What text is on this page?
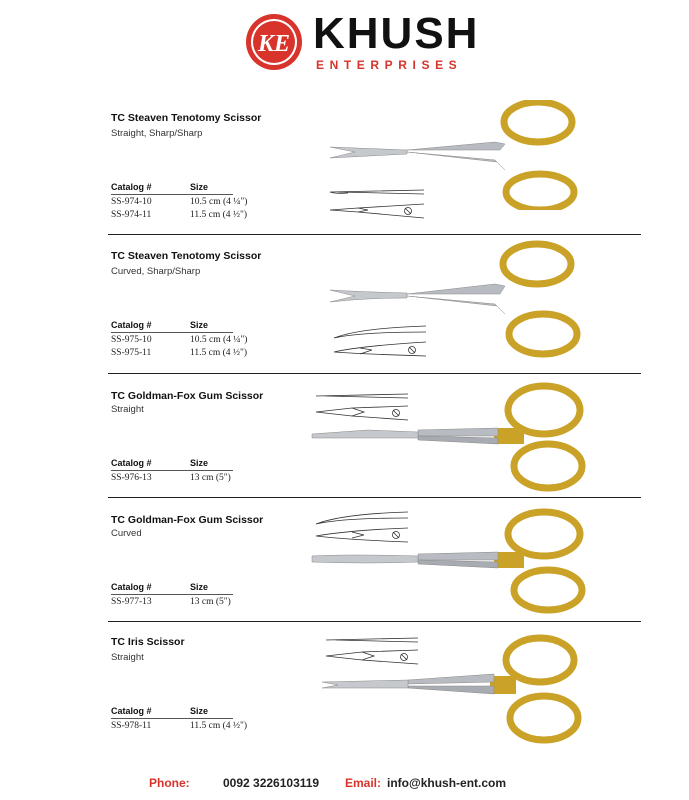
KE KHUSH
ENTERPRISES
TC Steaven Tenotomy Scissor
Straight, Sharp/Sharp
Catalog #	Size
SS-974-10	10.5 cm (4 ¼")
SS-974-11	11.5 cm (4 ½")
TC Steaven Tenotomy Scissor
Curved, Sharp/Sharp
Catalog #	Size
SS-975-10	10.5 cm (4 ¼")
SS-975-11	11.5 cm (4 ½")
TC Goldman-Fox Gum Scissor
Straight
Catalog #	Size
SS-976-13	13 cm (5")
TC Goldman-Fox Gum Scissor
Curved
Catalog #	Size
SS-977-13	13 cm (5")
TC Iris Scissor
Straight
Catalog #	Size
SS-978-11	11.5 cm (4 ½")
Phone:	0092 3226103119 Email: info@khush-ent.com
